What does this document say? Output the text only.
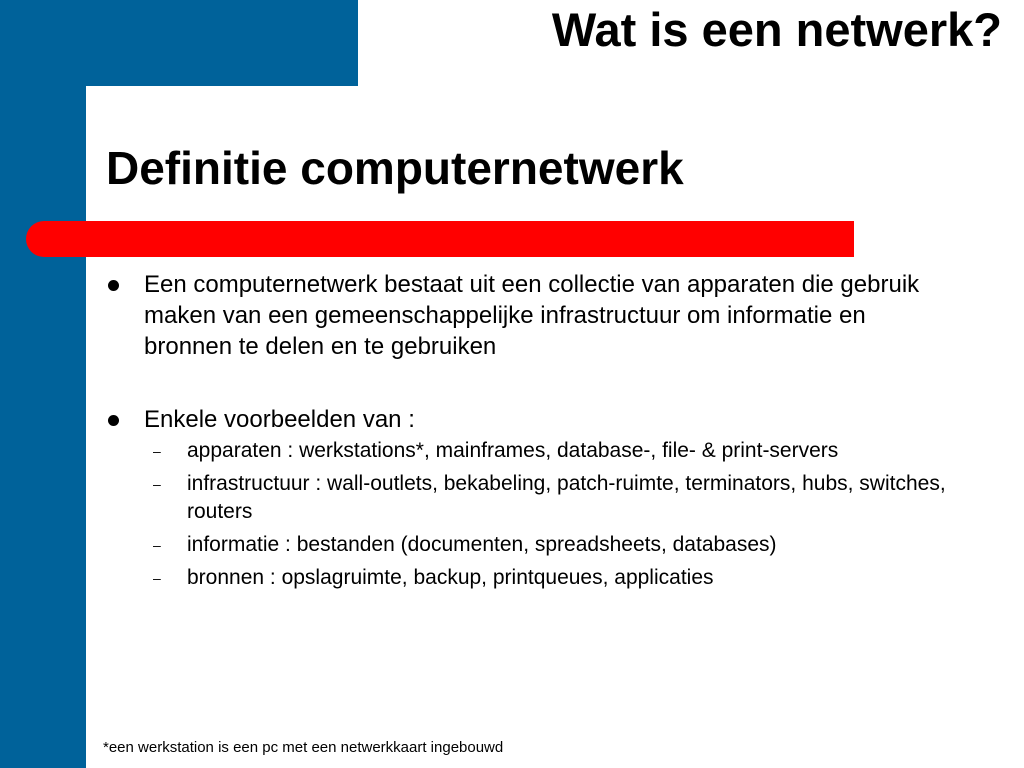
Wat is een netwerk?
Definitie computernetwerk
Een computernetwerk bestaat uit een collectie van apparaten die gebruik maken van een gemeenschappelijke infrastructuur om informatie en bronnen te delen en te gebruiken
Enkele voorbeelden van :
– apparaten : werkstations*, mainframes, database-, file- & print-servers
– infrastructuur : wall-outlets, bekabeling, patch-ruimte, terminators, hubs, switches, routers
– informatie : bestanden (documenten, spreadsheets, databases)
– bronnen : opslagruimte, backup, printqueues, applicaties
*een werkstation is een pc met een netwerkkaart ingebouwd
